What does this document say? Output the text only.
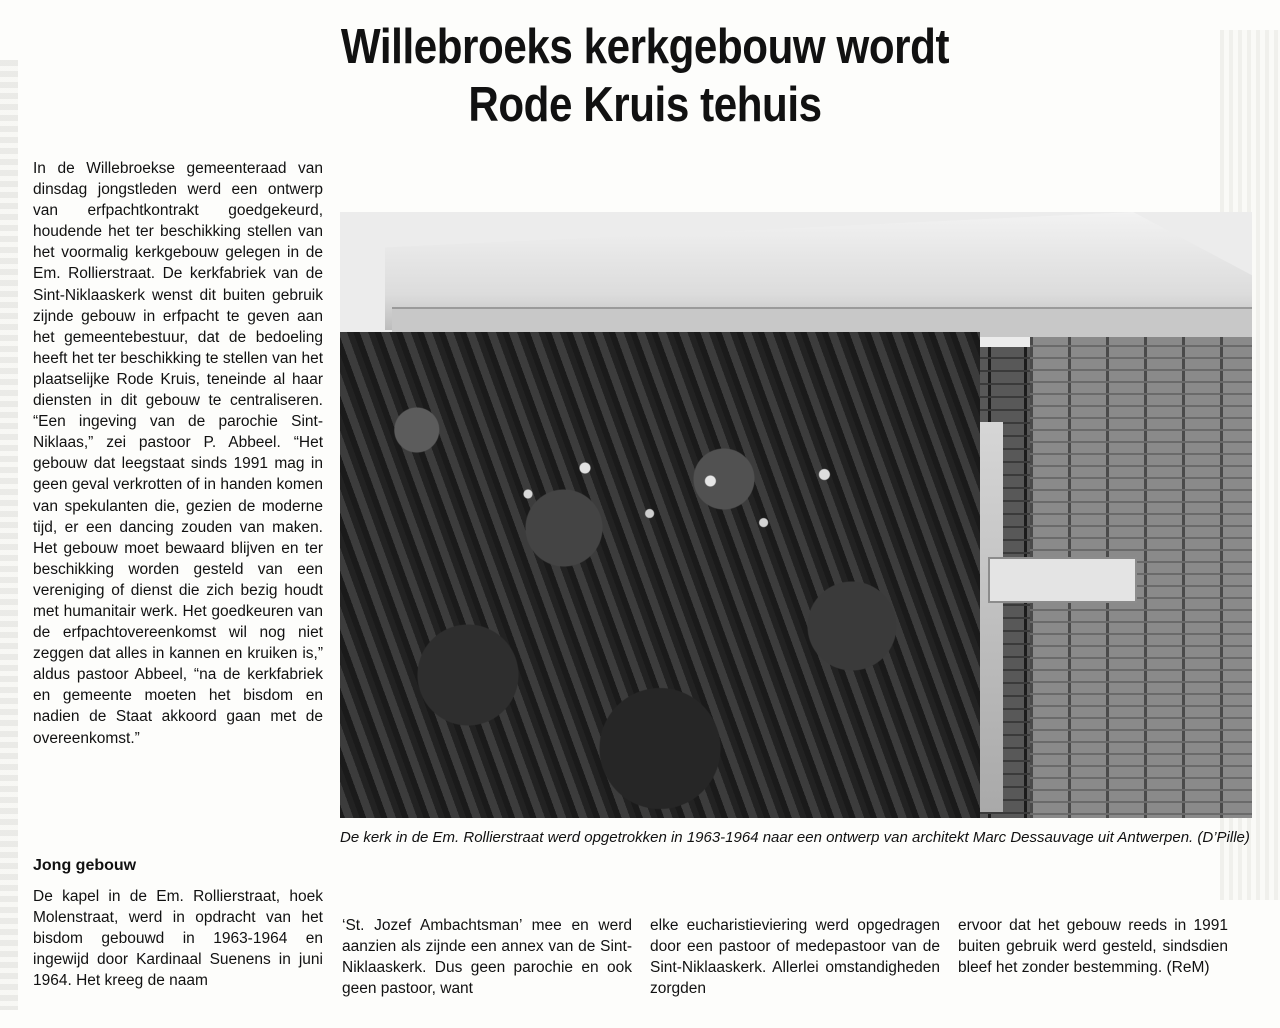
Willebroeks kerkgebouw wordt
Rode Kruis tehuis

In de Willebroekse gemeenteraad van dinsdag jongstleden werd een ontwerp van erfpachtkontrakt goedgekeurd, houdende het ter beschikking stellen van het voormalig kerkgebouw gelegen in de Em. Rollierstraat. De kerkfabriek van de Sint-Niklaaskerk wenst dit buiten gebruik zijnde gebouw in erfpacht te geven aan het gemeentebestuur, dat de bedoeling heeft het ter beschikking te stellen van het plaatselijke Rode Kruis, teneinde al haar diensten in dit gebouw te centraliseren. “Een ingeving van de parochie Sint-Niklaas,” zei pastoor P. Abbeel. “Het gebouw dat leegstaat sinds 1991 mag in geen geval verkrotten of in handen komen van spekulanten die, gezien de moderne tijd, er een dancing zouden van maken. Het gebouw moet bewaard blijven en ter beschikking worden gesteld van een vereniging of dienst die zich bezig houdt met humanitair werk. Het goedkeuren van de erfpachtovereenkomst wil nog niet zeggen dat alles in kannen en kruiken is,” aldus pastoor Abbeel, “na de kerkfabriek en gemeente moeten het bisdom en nadien de Staat akkoord gaan met de overeenkomst.”

De kerk in de Em. Rollierstraat werd opgetrokken in 1963-1964 naar een ontwerp van architekt Marc Dessauvage uit Antwerpen. (D’Pille)

Jong gebouw

De kapel in de Em. Rollierstraat, hoek Molenstraat, werd in opdracht van het bisdom gebouwd in 1963-1964 en ingewijd door Kardinaal Suenens in juni 1964. Het kreeg de naam

‘St. Jozef Ambachtsman’ mee en werd aanzien als zijnde een annex van de Sint-Niklaaskerk. Dus geen parochie en ook geen pastoor, want

elke eucharistieviering werd opgedragen door een pastoor of medepastoor van de Sint-Niklaaskerk. Allerlei omstandigheden zorgden

ervoor dat het gebouw reeds in 1991 buiten gebruik werd gesteld, sindsdien bleef het zonder bestemming. (ReM)
